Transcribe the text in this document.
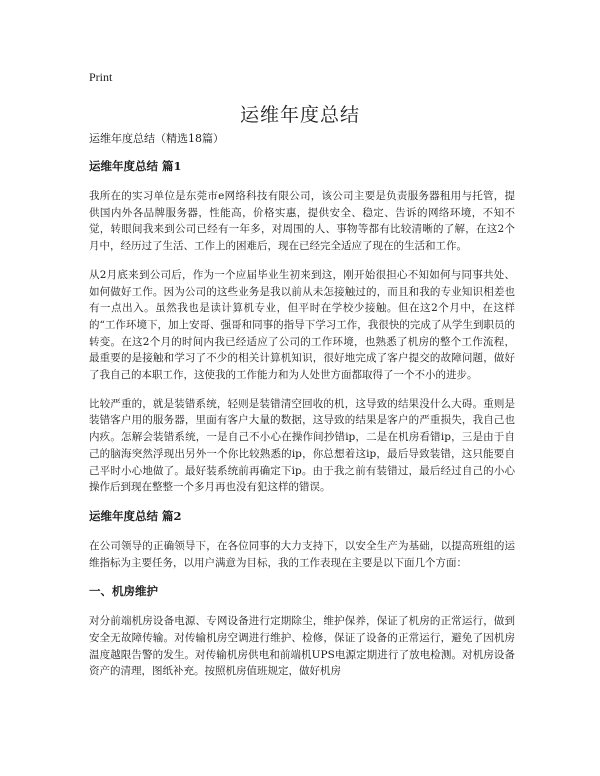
Print
运维年度总结

运维年度总结（精选18篇）

运维年度总结 篇1

我所在的实习单位是东莞市e网络科技有限公司，该公司主要是负责服务器租用与托管，提供国内外各品牌服务器，性能高，价格实惠，提供安全、稳定、告诉的网络环境，不知不觉，转眼间我来到公司已经有一年多，对周围的人、事物等都有比较清晰的了解，在这2个月中，经历过了生活、工作上的困难后，现在已经完全适应了现在的生活和工作。

从2月底来到公司后，作为一个应届毕业生初来到这，刚开始很担心不知如何与同事共处、如何做好工作。因为公司的这些业务是我以前从未怎接触过的，而且和我的专业知识相差也有一点出入。虽然我也是读计算机专业，但平时在学校少接触。但在这2个月中，在这样的“工作环境下，加上安哥、强哥和同事的指导下学习工作，我很快的完成了从学生到职员的转变。在这2个月的时间内我已经适应了公司的工作环境，也熟悉了机房的整个工作流程，最重要的是接触和学习了不少的相关计算机知识，很好地完成了客户提交的故障问题，做好了我自己的本职工作，这使我的工作能力和为人处世方面都取得了一个不小的进步。

比较严重的，就是装错系统，轻则是装错清空回收的机，这导致的结果没什么大碍。重则是装错客户用的服务器，里面有客户大量的数据，这导致的结果是客户的严重损失，我自己也内疚。怎解会装错系统，一是自己不小心在操作间抄错ip，二是在机房看错ip，三是由于自己的脑海突然浮现出另外一个你比较熟悉的ip，你总想着这ip，最后导致装错，这只能要自己平时小心地做了。最好装系统前再确定下ip。由于我之前有装错过，最后经过自己的小心操作后到现在整整一个多月再也没有犯这样的错误。

运维年度总结 篇2

在公司领导的正确领导下，在各位同事的大力支持下，以安全生产为基础，以提高班组的运维指标为主要任务，以用户满意为目标，我的工作表现在主要是以下面几个方面：

一、机房维护

对分前端机房设备电源、专网设备进行定期除尘，维护保养，保证了机房的正常运行，做到安全无故障传输。对传输机房空调进行维护、检修，保证了设备的正常运行，避免了因机房温度越限告警的发生。对传输机房供电和前端机UPS电源定期进行了放电检测。对机房设备资产的清理，图纸补充。按照机房值班规定，做好机房
